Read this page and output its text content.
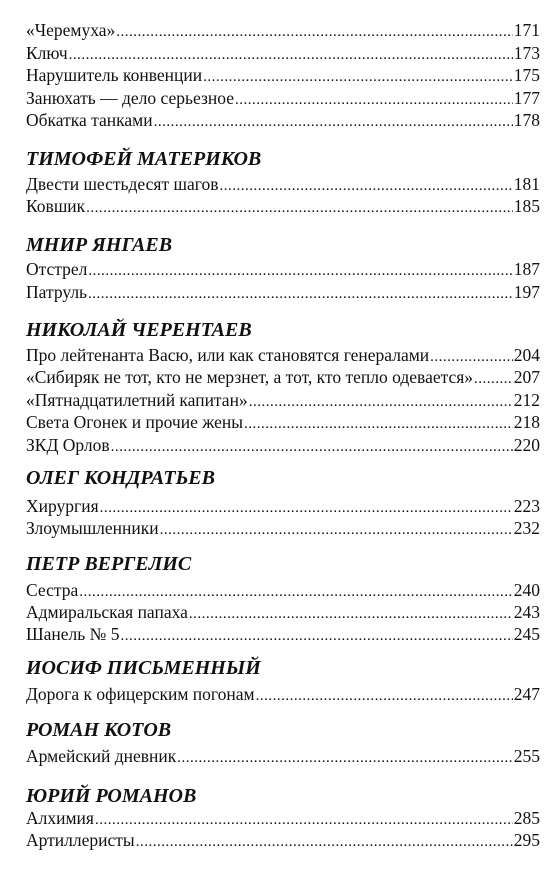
«Черемуха» .....	171
Ключ .....	173
Нарушитель конвенции .....	175
Занюхать — дело серьезное .....	177
Обкатка танками .....	178
ТИМОФЕЙ МАТЕРИКОВ
Двести шестьдесят шагов .....	181
Ковшик .....	185
МНИР ЯНГАЕВ
Отстрел .....	187
Патруль .....	197
НИКОЛАЙ ЧЕРЕНТАЕВ
Про лейтенанта Васю, или как становятся генералами .....	204
«Сибиряк не тот, кто не мерзнет, а тот, кто тепло одевается» ..... 207
«Пятнадцатилетний капитан» .....	212
Света Огонек и прочие жены .....	218
ЗКД Орлов .....	220
ОЛЕГ КОНДРАТЬЕВ
Хирургия .....	223
Злоумышленники .....	232
ПЕТР ВЕРГЕЛИС
Сестра .....	240
Адмиральская папаха .....	243
Шанель № 5 .....	245
ИОСИФ ПИСЬМЕННЫЙ
Дорога к офицерским погонам .....	247
РОМАН КОТОВ
Армейский дневник .....	255
ЮРИЙ РОМАНОВ
Алхимия .....	285
Артиллеристы .....	295
